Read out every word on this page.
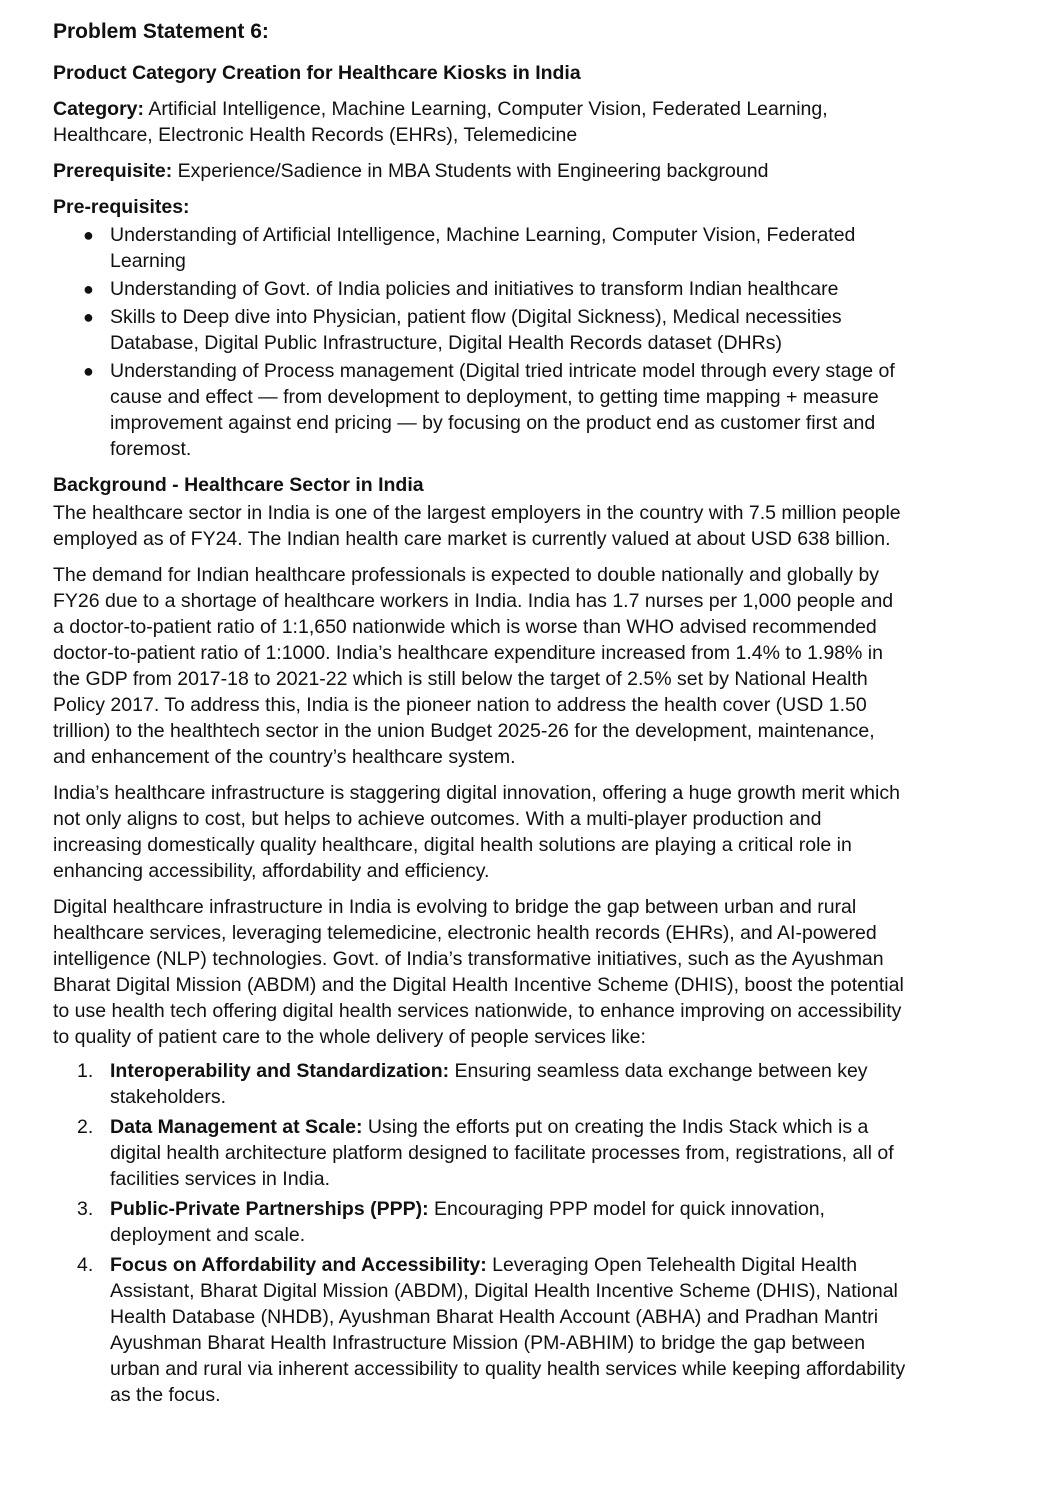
Problem Statement 6:
Product Category Creation for Healthcare Kiosks in India

Category: Artificial Intelligence, Machine Learning, Computer Vision, Federated Learning, Healthcare, Electronic Health Records (EHRs), Telemedicine

Prerequisite: Experience/Sadience in MBA Students with Engineering background

Pre-requisites:
● Understanding of Artificial Intelligence, Machine Learning, Computer Vision, Federated Learning
● Understanding of Govt. of India policies and initiatives to transform Indian healthcare
● Skills to Deep dive into Physician, patient flow (Digital Sickness), Medical necessities Database, Digital Public Infrastructure, Digital Health Records dataset (DHRs)
● Understanding of Process management (Digital tried intricate model through every stage of cause and effect — from development to deployment, to getting time mapping + measure improvement against end pricing — by focusing on the product end as customer first and foremost.
Background - Healthcare Sector in India

The healthcare sector in India is one of the largest employers in the country with 7.5 million people employed as of FY24. The Indian health care market is currently valued at about USD 638 billion.

The demand for Indian healthcare professionals is expected to double nationally and globally by FY26 due to a shortage of healthcare workers in India. India has 1.7 nurses per 1,000 people and a doctor-to-patient ratio of 1:1,650 nationwide which is worse than WHO advised recommended doctor-to-patient ratio of 1:1000. India’s healthcare expenditure increased from 1.4% to 1.98% in the GDP from 2017-18 to 2021-22 which is still below the target of 2.5% set by National Health Policy 2017. To address this, India is the pioneer nation to address the health cover (USD 1.50 trillion) to the healthtech sector in the union Budget 2025-26 for the development, maintenance, and enhancement of the country’s healthcare system.

India’s healthcare infrastructure is staggering digital innovation, offering a huge growth merit which not only aligns to cost, but helps to achieve outcomes. With a multi-player production and increasing domestically quality healthcare, digital health solutions are playing a critical role in enhancing accessibility, affordability and efficiency.

Digital healthcare infrastructure in India is evolving to bridge the gap between urban and rural healthcare services, leveraging telemedicine, electronic health records (EHRs), and AI-powered intelligence (NLP) technologies. Govt. of India’s transformative initiatives, such as the Ayushman Bharat Digital Mission (ABDM) and the Digital Health Incentive Scheme (DHIS), boost the potential to use health tech offering digital health services nationwide, to enhance improving on accessibility to quality of patient care to the whole delivery of people services like:

1. Interoperability and Standardization: Ensuring seamless data exchange between key stakeholders.
2. Data Management at Scale: Using the efforts put on creating the Indis Stack which is a digital health architecture platform designed to facilitate processes from, registrations, all of facilities services in India.
3. Public-Private Partnerships (PPP): Encouraging PPP model for quick innovation, deployment and scale.
4. Focus on Affordability and Accessibility: Leveraging Open Telehealth Digital Health Assistant, Bharat Digital Mission (ABDM), Digital Health Incentive Scheme (DHIS), National Health Database (NHDB), Ayushman Bharat Health Account (ABHA) and Pradhan Mantri Ayushman Bharat Health Infrastructure Mission (PM-ABHIM) to bridge the gap between urban and rural via inherent accessibility to quality health services while keeping affordability as the focus.
